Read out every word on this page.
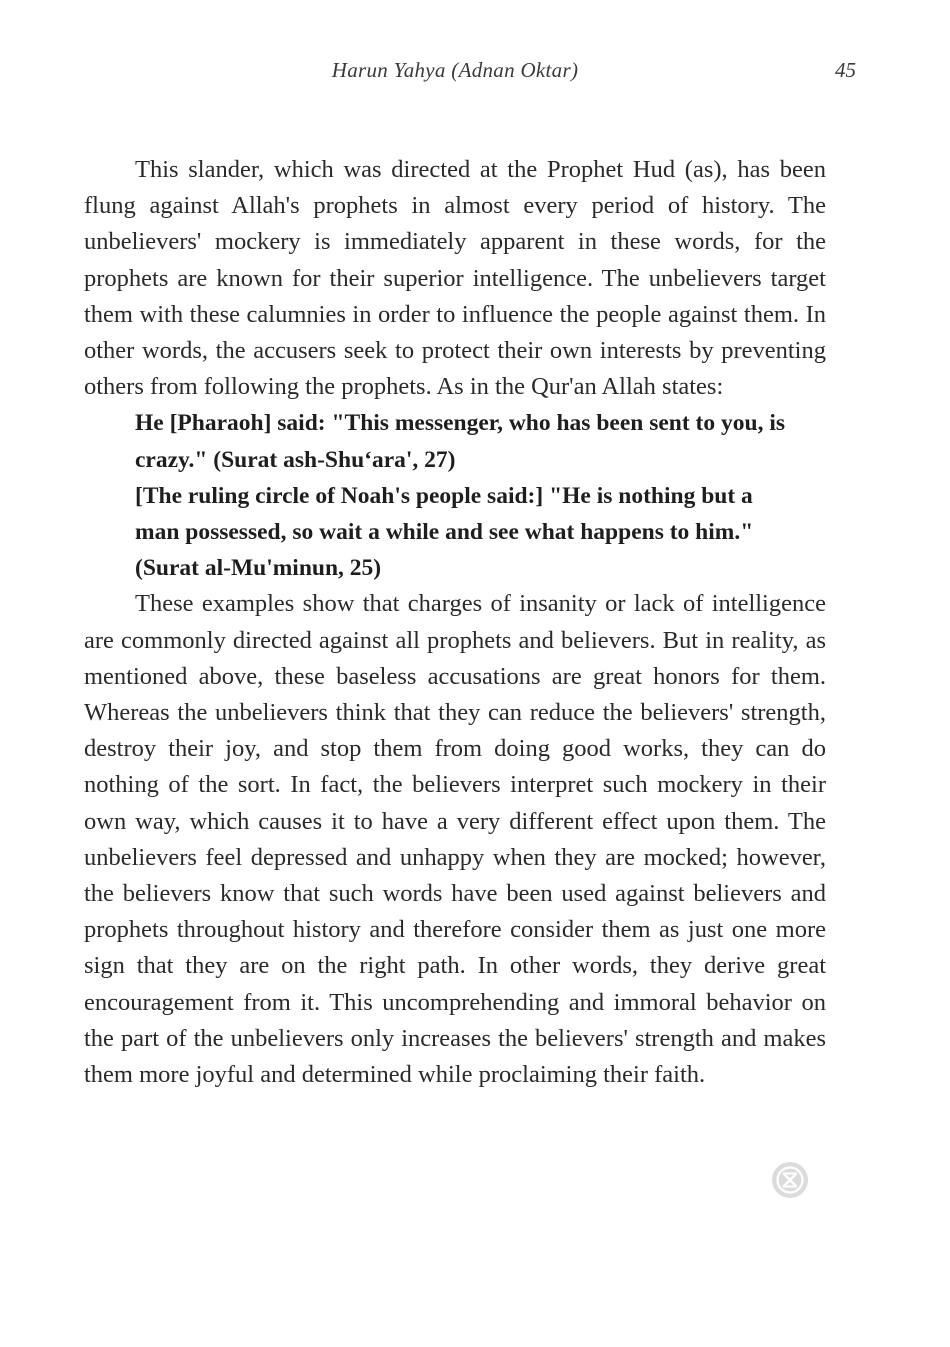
Harun Yahya (Adnan Oktar)	45

This slander, which was directed at the Prophet Hud (as), has been flung against Allah's prophets in almost every period of history. The unbelievers' mockery is immediately apparent in these words, for the prophets are known for their superior intelligence. The unbelievers target them with these calumnies in order to influence the people against them. In other words, the accusers seek to protect their own interests by preventing others from following the prophets. As in the Qur'an Allah states:

He [Pharaoh] said: "This messenger, who has been sent to you, is crazy." (Surat ash-Shu‘ara', 27)

[The ruling circle of Noah's people said:] "He is nothing but a man possessed, so wait a while and see what happens to him." (Surat al-Mu'minun, 25)

These examples show that charges of insanity or lack of intelligence are commonly directed against all prophets and believers. But in reality, as mentioned above, these baseless accusations are great honors for them. Whereas the unbelievers think that they can reduce the believers' strength, destroy their joy, and stop them from doing good works, they can do nothing of the sort. In fact, the believers interpret such mockery in their own way, which causes it to have a very different effect upon them. The unbelievers feel depressed and unhappy when they are mocked; however, the believers know that such words have been used against believers and prophets throughout history and therefore consider them as just one more sign that they are on the right path. In other words, they derive great encouragement from it. This uncomprehending and immoral behavior on the part of the unbelievers only increases the believers' strength and makes them more joyful and determined while proclaiming their faith.
